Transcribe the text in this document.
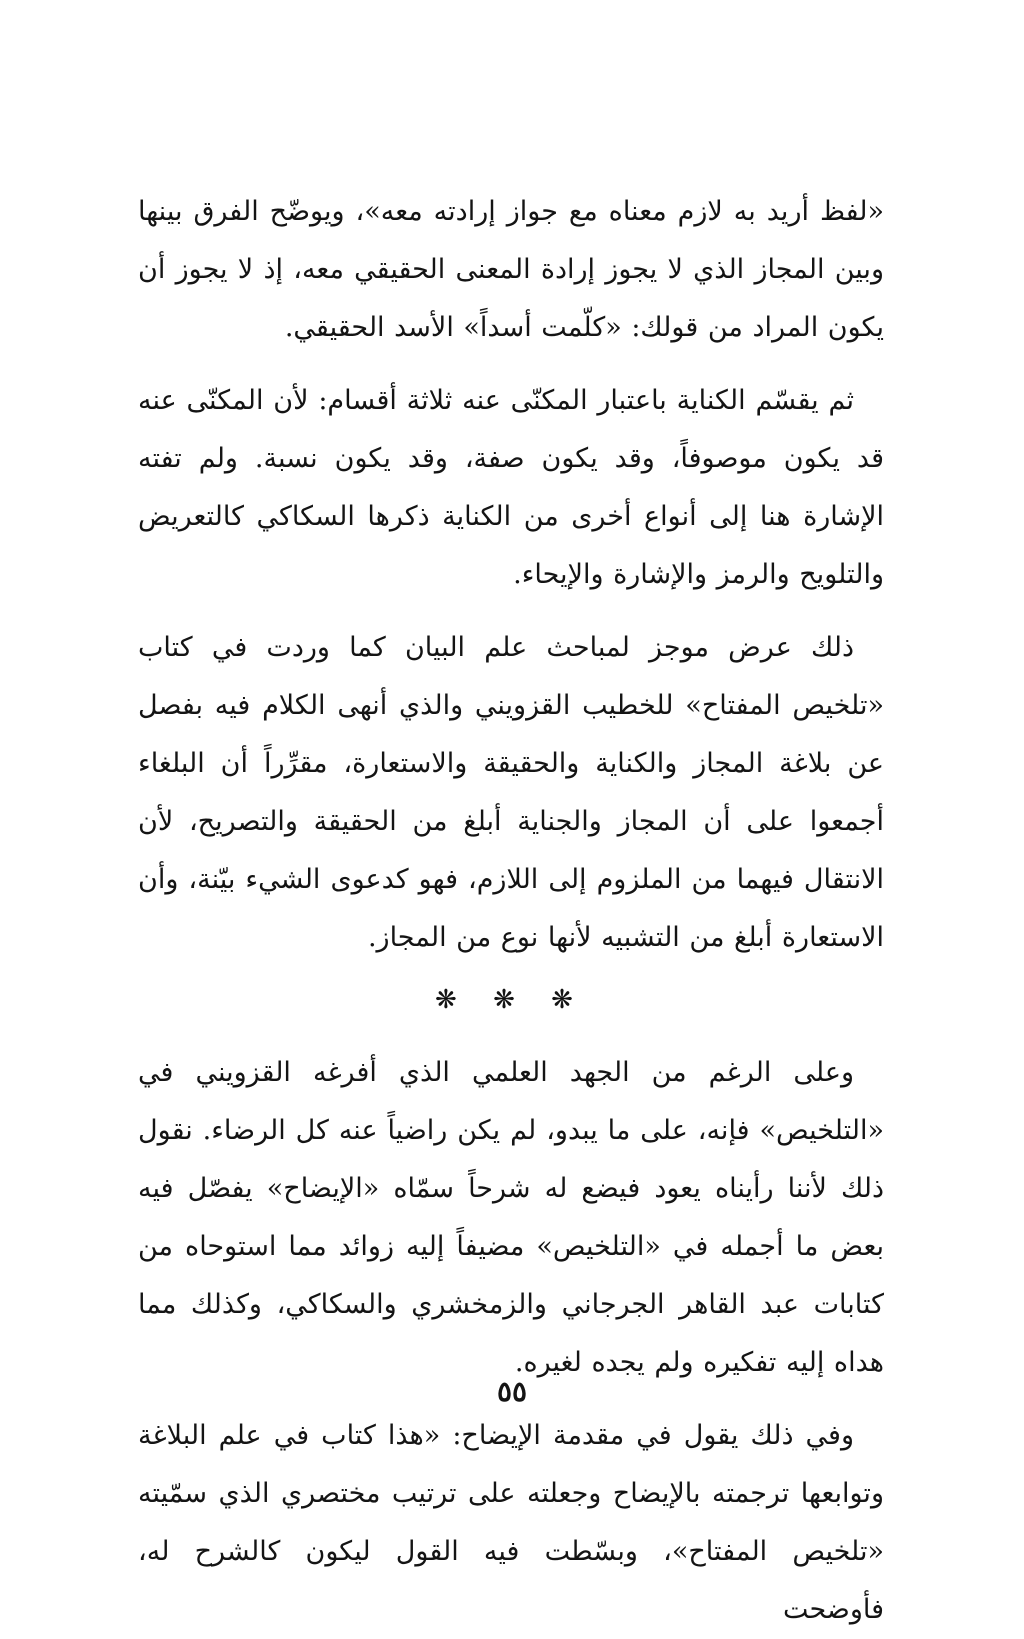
«لفظ أريد به لازم معناه مع جواز إرادته معه»، ويوضّح الفرق بينها وبين المجاز الذي لا يجوز إرادة المعنى الحقيقي معه، إذ لا يجوز أن يكون المراد من قولك: «كلّمت أسداً» الأسد الحقيقي.

ثم يقسّم الكناية باعتبار المكنّى عنه ثلاثة أقسام: لأن المكنّى عنه قد يكون موصوفاً، وقد يكون صفة، وقد يكون نسبة. ولم تفته الإشارة هنا إلى أنواع أخرى من الكناية ذكرها السكاكي كالتعريض والتلويح والرمز والإشارة والإيحاء.

ذلك عرض موجز لمباحث علم البيان كما وردت في كتاب «تلخيص المفتاح» للخطيب القزويني والذي أنهى الكلام فيه بفصل عن بلاغة المجاز والكناية والحقيقة والاستعارة، مقرِّراً أن البلغاء أجمعوا على أن المجاز والجناية أبلغ من الحقيقة والتصريح، لأن الانتقال فيهما من الملزوم إلى اللازم، فهو كدعوى الشيء بيّنة، وأن الاستعارة أبلغ من التشبيه لأنها نوع من المجاز.

❋ ❋ ❋

وعلى الرغم من الجهد العلمي الذي أفرغه القزويني في «التلخيص» فإنه، على ما يبدو، لم يكن راضياً عنه كل الرضاء. نقول ذلك لأننا رأيناه يعود فيضع له شرحاً سمّاه «الإيضاح» يفصّل فيه بعض ما أجمله في «التلخيص» مضيفاً إليه زوائد مما استوحاه من كتابات عبد القاهر الجرجاني والزمخشري والسكاكي، وكذلك مما هداه إليه تفكيره ولم يجده لغيره.

وفي ذلك يقول في مقدمة الإيضاح: «هذا كتاب في علم البلاغة وتوابعها ترجمته بالإيضاح وجعلته على ترتيب مختصري الذي سمّيته «تلخيص المفتاح»، وبسّطت فيه القول ليكون كالشرح له، فأوضحت

٥٥
